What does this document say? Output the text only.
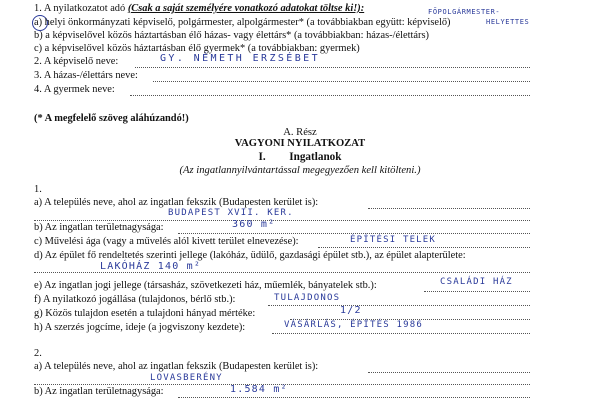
1. A nyilatkozatot adó (Csak a saját személyére vonatkozó adatokat töltse ki!):
a) helyi önkormányzati képviselő, polgármester, alpolgármester* (a továbbiakban együtt: képviselő)
FŐPOLGÁRMESTER-
HELYETTES
b) a képviselővel közös háztartásban élő házas- vagy élettárs* (a továbbiakban: házas-/élettárs)
c) a képviselővel közös háztartásban élő gyermek* (a továbbiakban: gyermek)
2. A képviselő neve:	GY. NÉMETH ERZSÉBET
3. A házas-/élettárs neve:
4. A gyermek neve:
(* A megfelelő szöveg aláhúzandó!)
A. Rész
VAGYONI NYILATKOZAT
I. Ingatlanok
(Az ingatlannyilvántartással megegyezően kell kitölteni.)
1.
a) A település neve, ahol az ingatlan fekszik (Budapesten kerület is):
BUDAPEST XVII. KER.
b) Az ingatlan területnagysága:	360 m²
c) Művelési ága (vagy a művelés alól kivett terület elnevezése):	ÉPÍTÉSI TELEK
d) Az épület fő rendeltetés szerinti jellege (lakóház, üdülő, gazdasági épület stb.), az épület alapterülete:
LAKÓHÁZ 140 m²
e) Az ingatlan jogi jellege (társasház, szövetkezeti ház, műemlék, bányatelek stb.):	CSALÁDI HÁZ
f) A nyilatkozó jogállása (tulajdonos, bérlő stb.):	TULAJDONOS
g) Közös tulajdon esetén a tulajdoni hányad mértéke:	1/2
h) A szerzés jogcíme, ideje (a jogviszony kezdete):	VÁSÁRLÁS, ÉPÍTÉS 1986
2.
a) A település neve, ahol az ingatlan fekszik (Budapesten kerület is):
LOVASBERÉNY
b) Az ingatlan területnagysága:	1.584 m²
